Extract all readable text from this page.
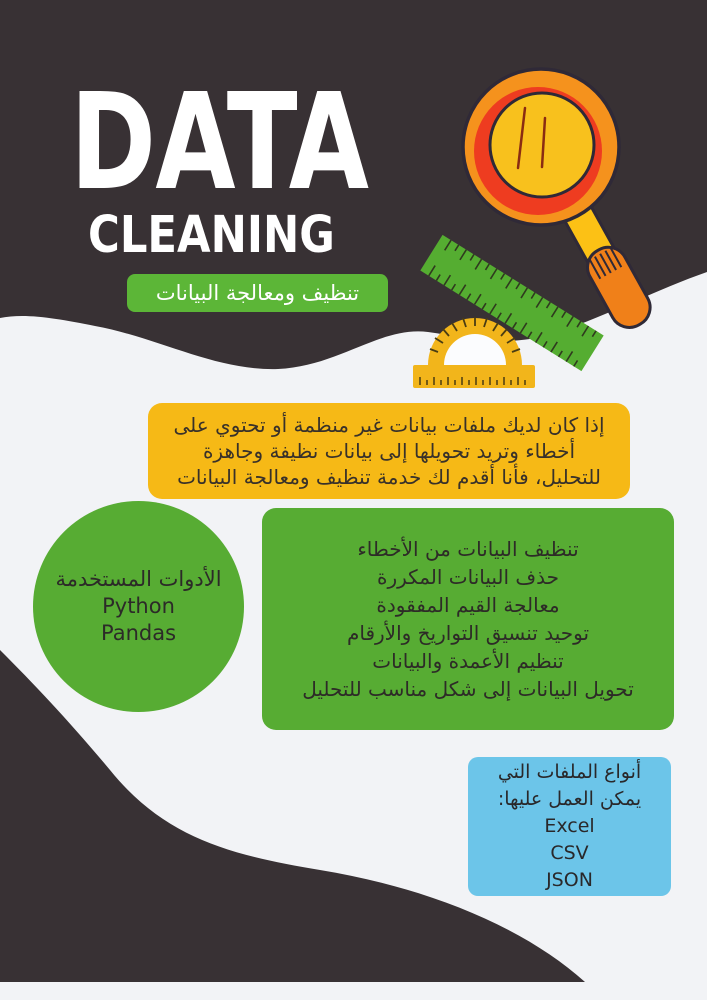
DATA
CLEANING
تنظيف ومعالجة البيانات
إذا كان لديك ملفات بيانات غير منظمة أو تحتوي على
أخطاء وتريد تحويلها إلى بيانات نظيفة وجاهزة
للتحليل، فأنا أقدم لك خدمة تنظيف ومعالجة البيانات
الأدوات المستخدمة
Python
Pandas
تنظيف البيانات من الأخطاء
حذف البيانات المكررة
معالجة القيم المفقودة
توحيد تنسيق التواريخ والأرقام
تنظيم الأعمدة والبيانات
تحويل البيانات إلى شكل مناسب للتحليل
أنواع الملفات التي
يمكن العمل عليها:
Excel
CSV
JSON
